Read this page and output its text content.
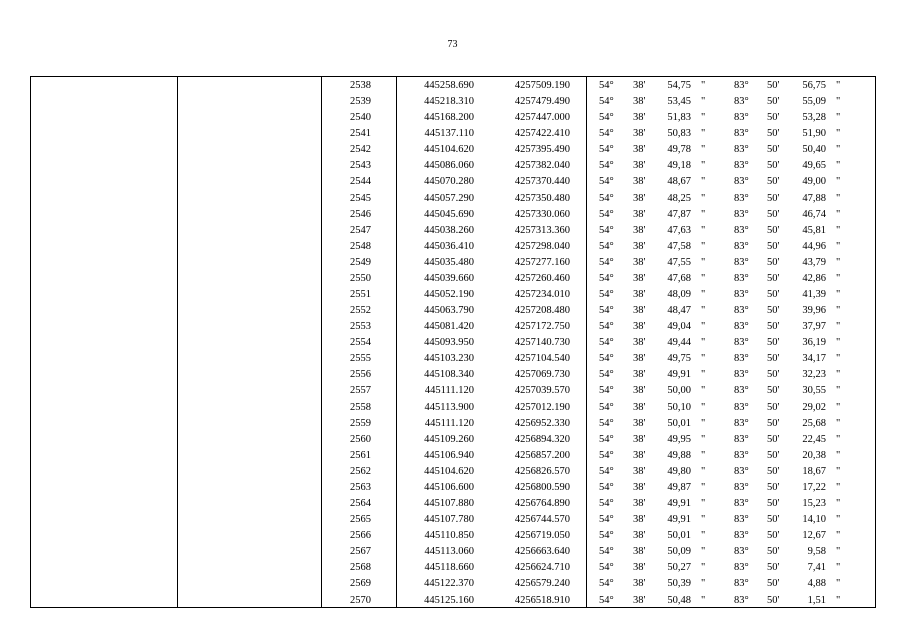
73
2538	445258.690	4257509.190	54°	38'	54,75 "	83°	50'	56,75 "
2539	445218.310	4257479.490	54°	38'	53,45 "	83°	50'	55,09 "
2540	445168.200	4257447.000	54°	38'	51,83 "	83°	50'	53,28 "
2541	445137.110	4257422.410	54°	38'	50,83 "	83°	50'	51,90 "
2542	445104.620	4257395.490	54°	38'	49,78 "	83°	50'	50,40 "
2543	445086.060	4257382.040	54°	38'	49,18 "	83°	50'	49,65 "
2544	445070.280	4257370.440	54°	38'	48,67 "	83°	50'	49,00 "
2545	445057.290	4257350.480	54°	38'	48,25 "	83°	50'	47,88 "
2546	445045.690	4257330.060	54°	38'	47,87 "	83°	50'	46,74 "
2547	445038.260	4257313.360	54°	38'	47,63 "	83°	50'	45,81 "
2548	445036.410	4257298.040	54°	38'	47,58 "	83°	50'	44,96 "
2549	445035.480	4257277.160	54°	38'	47,55 "	83°	50'	43,79 "
2550	445039.660	4257260.460	54°	38'	47,68 "	83°	50'	42,86 "
2551	445052.190	4257234.010	54°	38'	48,09 "	83°	50'	41,39 "
2552	445063.790	4257208.480	54°	38'	48,47 "	83°	50'	39,96 "
2553	445081.420	4257172.750	54°	38'	49,04 "	83°	50'	37,97 "
2554	445093.950	4257140.730	54°	38'	49,44 "	83°	50'	36,19 "
2555	445103.230	4257104.540	54°	38'	49,75 "	83°	50'	34,17 "
2556	445108.340	4257069.730	54°	38'	49,91 "	83°	50'	32,23 "
2557	445111.120	4257039.570	54°	38'	50,00 "	83°	50'	30,55 "
2558	445113.900	4257012.190	54°	38'	50,10 "	83°	50'	29,02 "
2559	445111.120	4256952.330	54°	38'	50,01 "	83°	50'	25,68 "
2560	445109.260	4256894.320	54°	38'	49,95 "	83°	50'	22,45 "
2561	445106.940	4256857.200	54°	38'	49,88 "	83°	50'	20,38 "
2562	445104.620	4256826.570	54°	38'	49,80 "	83°	50'	18,67 "
2563	445106.600	4256800.590	54°	38'	49,87 "	83°	50'	17,22 "
2564	445107.880	4256764.890	54°	38'	49,91 "	83°	50'	15,23 "
2565	445107.780	4256744.570	54°	38'	49,91 "	83°	50'	14,10 "
2566	445110.850	4256719.050	54°	38'	50,01 "	83°	50'	12,67 "
2567	445113.060	4256663.640	54°	38'	50,09 "	83°	50'	9,58 "
2568	445118.660	4256624.710	54°	38'	50,27 "	83°	50'	7,41 "
2569	445122.370	4256579.240	54°	38'	50,39 "	83°	50'	4,88 "
2570	445125.160	4256518.910	54°	38'	50,48 "	83°	50'	1,51 "
